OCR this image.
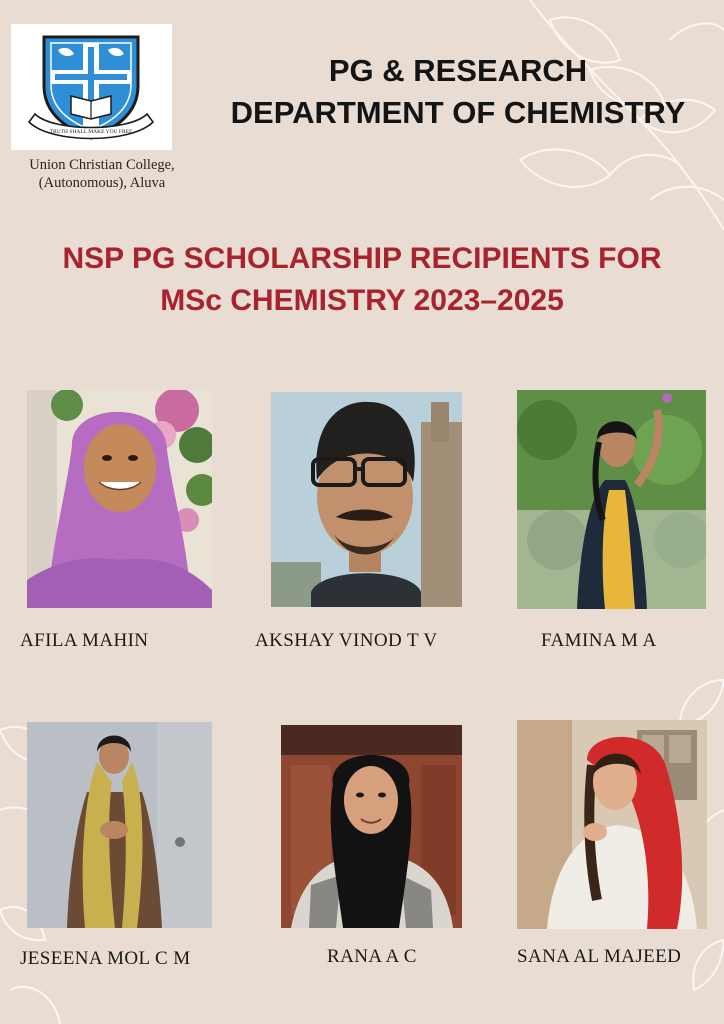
TRUTH SHALL MAKE YOU FREE
Union Christian College,
(Autonomous), Aluva
PG & RESEARCH
DEPARTMENT OF CHEMISTRY
NSP PG SCHOLARSHIP RECIPIENTS FOR
MSc CHEMISTRY 2023–2025
AFILA MAHIN	AKSHAY VINOD T V	FAMINA M A
JESEENA MOL C M	RANA A C	SANA AL MAJEED
